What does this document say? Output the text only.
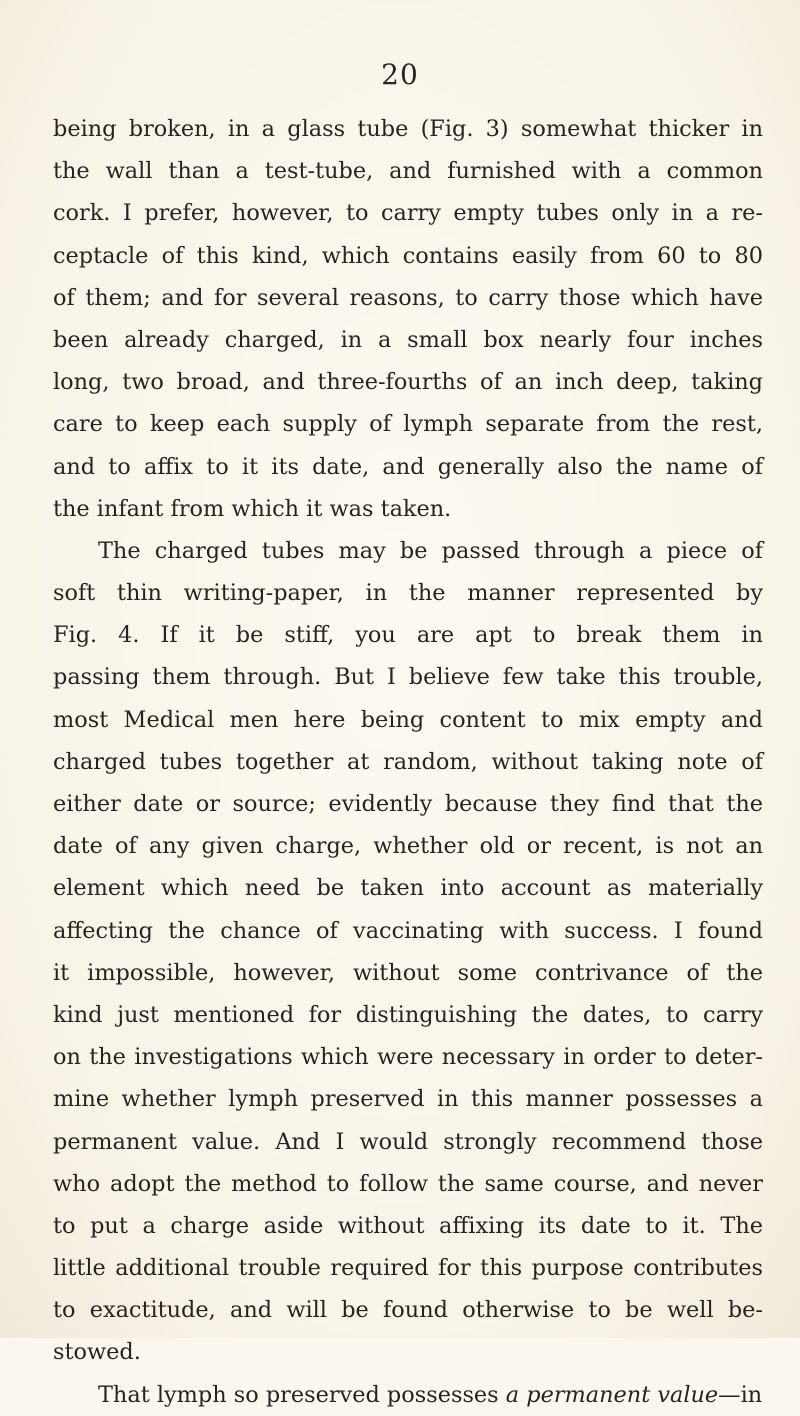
20
being broken, in a glass tube (Fig. 3) somewhat thicker in
the wall than a test-tube, and furnished with a common
cork. I prefer, however, to carry empty tubes only in a re-
ceptacle of this kind, which contains easily from 60 to 80
of them; and for several reasons, to carry those which have
been already charged, in a small box nearly four inches
long, two broad, and three-fourths of an inch deep, taking
care to keep each supply of lymph separate from the rest,
and to affix to it its date, and generally also the name of
the infant from which it was taken.
The charged tubes may be passed through a piece of
soft thin writing-paper, in the manner represented by
Fig. 4. If it be stiff, you are apt to break them in
passing them through. But I believe few take this trouble,
most Medical men here being content to mix empty and
charged tubes together at random, without taking note of
either date or source; evidently because they find that the
date of any given charge, whether old or recent, is not an
element which need be taken into account as materially
affecting the chance of vaccinating with success. I found
it impossible, however, without some contrivance of the
kind just mentioned for distinguishing the dates, to carry
on the investigations which were necessary in order to deter-
mine whether lymph preserved in this manner possesses a
permanent value. And I would strongly recommend those
who adopt the method to follow the same course, and never
to put a charge aside without affixing its date to it. The
little additional trouble required for this purpose contributes
to exactitude, and will be found otherwise to be well be-
stowed.
That lymph so preserved possesses a permanent value—in
